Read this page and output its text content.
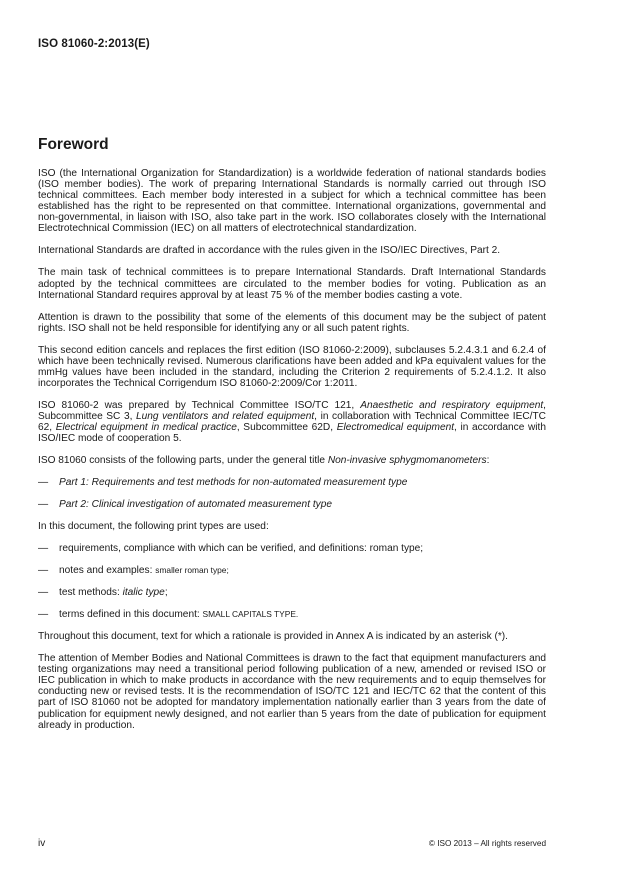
ISO 81060-2:2013(E)
Foreword

ISO (the International Organization for Standardization) is a worldwide federation of national standards bodies (ISO member bodies). The work of preparing International Standards is normally carried out through ISO technical committees. Each member body interested in a subject for which a technical committee has been established has the right to be represented on that committee. International organizations, governmental and non-governmental, in liaison with ISO, also take part in the work. ISO collaborates closely with the International Electrotechnical Commission (IEC) on all matters of electrotechnical standardization.

International Standards are drafted in accordance with the rules given in the ISO/IEC Directives, Part 2.

The main task of technical committees is to prepare International Standards. Draft International Standards adopted by the technical committees are circulated to the member bodies for voting. Publication as an International Standard requires approval by at least 75 % of the member bodies casting a vote.

Attention is drawn to the possibility that some of the elements of this document may be the subject of patent rights. ISO shall not be held responsible for identifying any or all such patent rights.

This second edition cancels and replaces the first edition (ISO 81060-2:2009), subclauses 5.2.4.3.1 and 6.2.4 of which have been technically revised. Numerous clarifications have been added and kPa equivalent values for the mmHg values have been included in the standard, including the Criterion 2 requirements of 5.2.4.1.2. It also incorporates the Technical Corrigendum ISO 81060-2:2009/Cor 1:2011.

ISO 81060-2 was prepared by Technical Committee ISO/TC 121, Anaesthetic and respiratory equipment, Subcommittee SC 3, Lung ventilators and related equipment, in collaboration with Technical Committee IEC/TC 62, Electrical equipment in medical practice, Subcommittee 62D, Electromedical equipment, in accordance with ISO/IEC mode of cooperation 5.

ISO 81060 consists of the following parts, under the general title Non-invasive sphygmomanometers:

— Part 1: Requirements and test methods for non-automated measurement type
— Part 2: Clinical investigation of automated measurement type

In this document, the following print types are used:

— requirements, compliance with which can be verified, and definitions: roman type;
— notes and examples: smaller roman type;
— test methods: italic type;
— terms defined in this document: SMALL CAPITALS TYPE.

Throughout this document, text for which a rationale is provided in Annex A is indicated by an asterisk (*).

The attention of Member Bodies and National Committees is drawn to the fact that equipment manufacturers and testing organizations may need a transitional period following publication of a new, amended or revised ISO or IEC publication in which to make products in accordance with the new requirements and to equip themselves for conducting new or revised tests. It is the recommendation of ISO/TC 121 and IEC/TC 62 that the content of this part of ISO 81060 not be adopted for mandatory implementation nationally earlier than 3 years from the date of publication for equipment newly designed, and not earlier than 5 years from the date of publication for equipment already in production.

iv	© ISO 2013 – All rights reserved
